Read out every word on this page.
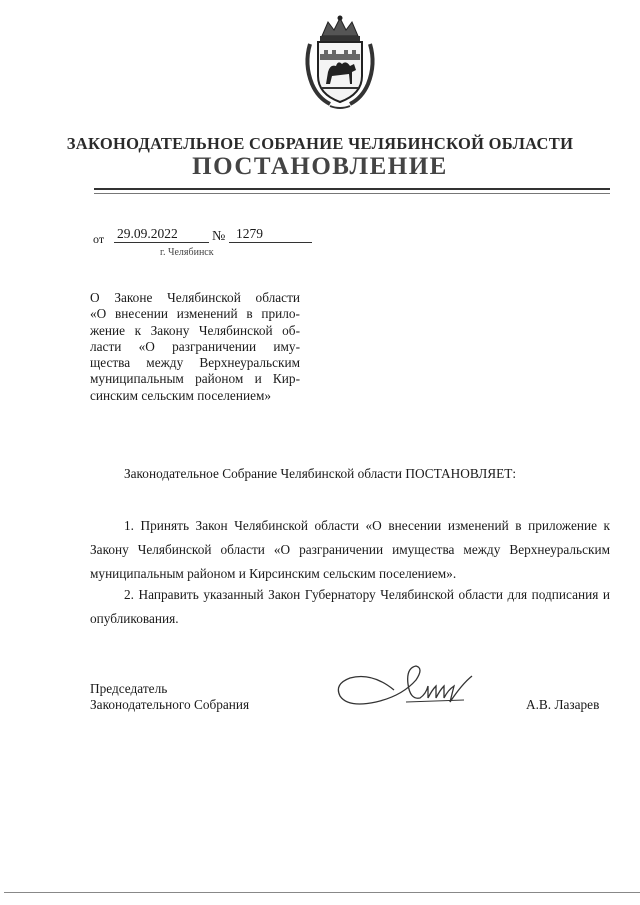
ЗАКОНОДАТЕЛЬНОЕ СОБРАНИЕ ЧЕЛЯБИНСКОЙ ОБЛАСТИ
ПОСТАНОВЛЕНИЕ
от 29.09.2022	№ 1279
г. Челябинск
О Законе Челябинской области
«О внесении изменений в прило-
жение к Закону Челябинской об-
ласти «О разграничении иму-
щества между Верхнеуральским
муниципальным районом и Кир-
синским сельским поселением»
Законодательное Собрание Челябинской области ПОСТАНОВЛЯЕТ:
1. Принять Закон Челябинской области «О внесении изменений в приложение к Закону Челябинской области «О разграничении имущества между Верхнеуральским муниципальным районом и Кирсинским сельским поселением».
2. Направить указанный Закон Губернатору Челябинской области для подписания и опубликования.
Председатель
Законодательного Собрания	А.В. Лазарев
